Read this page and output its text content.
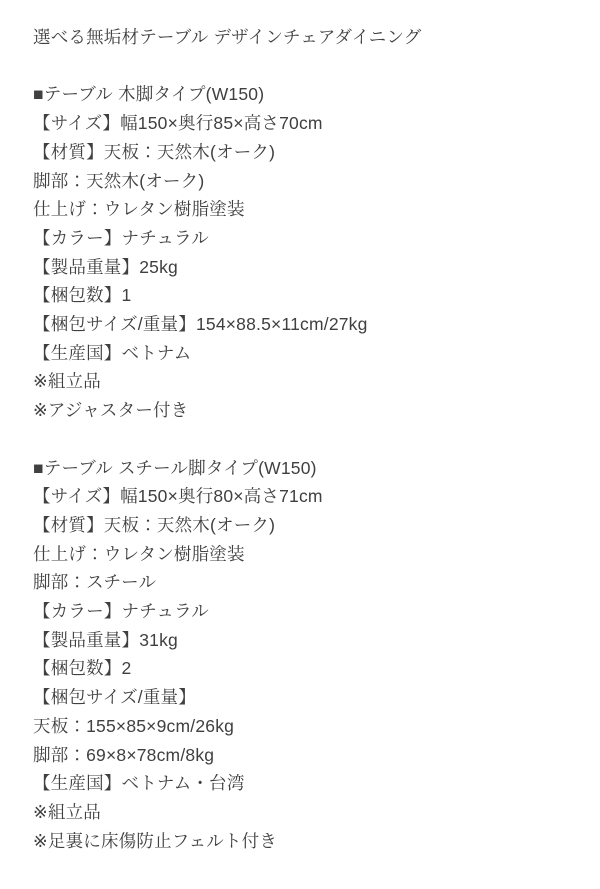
選べる無垢材テーブル デザインチェアダイニング
■テーブル 木脚タイプ(W150)
【サイズ】幅150×奥行85×高さ70cm
【材質】天板：天然木(オーク)
脚部：天然木(オーク)
仕上げ：ウレタン樹脂塗装
【カラー】ナチュラル
【製品重量】25kg
【梱包数】1
【梱包サイズ/重量】154×88.5×11cm/27kg
【生産国】ベトナム
※組立品
※アジャスター付き
■テーブル スチール脚タイプ(W150)
【サイズ】幅150×奥行80×高さ71cm
【材質】天板：天然木(オーク)
仕上げ：ウレタン樹脂塗装
脚部：スチール
【カラー】ナチュラル
【製品重量】31kg
【梱包数】2
【梱包サイズ/重量】
天板：155×85×9cm/26kg
脚部：69×8×78cm/8kg
【生産国】ベトナム・台湾
※組立品
※足裏に床傷防止フェルト付き
